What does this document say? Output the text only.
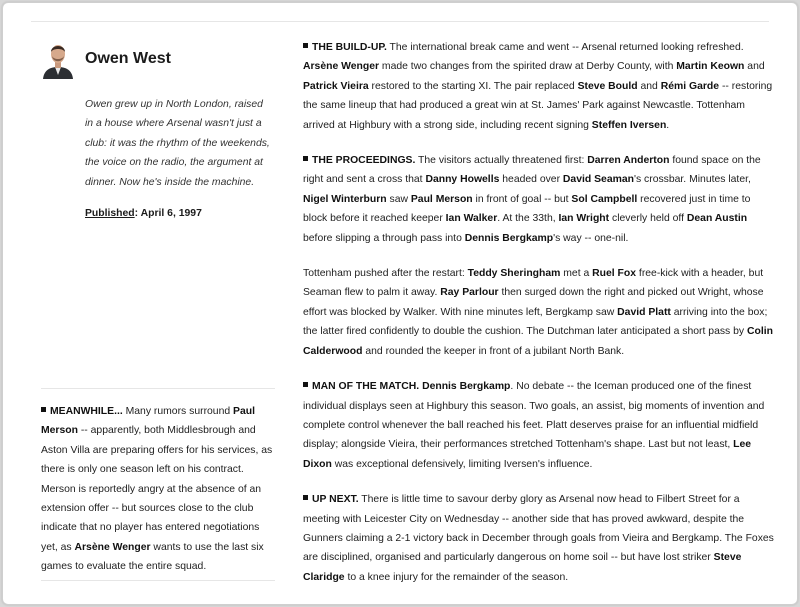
Owen West

Owen grew up in North London, raised in a house where Arsenal wasn't just a club: it was the rhythm of the weekends, the voice on the radio, the argument at dinner. Now he's inside the machine.

Published: April 6, 1997

MEANWHILE... Many rumors surround Paul Merson -- apparently, both Middlesbrough and Aston Villa are preparing offers for his services, as there is only one season left on his contract. Merson is reportedly angry at the absence of an extension offer -- but sources close to the club indicate that no player has entered negotiations yet, as Arsène Wenger wants to use the last six games to evaluate the entire squad.

THE BUILD-UP. The international break came and went -- Arsenal returned looking refreshed. Arsène Wenger made two changes from the spirited draw at Derby County, with Martin Keown and Patrick Vieira restored to the starting XI. The pair replaced Steve Bould and Rémi Garde -- restoring the same lineup that had produced a great win at St. James' Park against Newcastle. Tottenham arrived at Highbury with a strong side, including recent signing Steffen Iversen.

THE PROCEEDINGS. The visitors actually threatened first: Darren Anderton found space on the right and sent a cross that Danny Howells headed over David Seaman's crossbar. Minutes later, Nigel Winterburn saw Paul Merson in front of goal -- but Sol Campbell recovered just in time to block before it reached keeper Ian Walker. At the 33th, Ian Wright cleverly held off Dean Austin before slipping a through pass into Dennis Bergkamp's way -- one-nil.

Tottenham pushed after the restart: Teddy Sheringham met a Ruel Fox free-kick with a header, but Seaman flew to palm it away. Ray Parlour then surged down the right and picked out Wright, whose effort was blocked by Walker. With nine minutes left, Bergkamp saw David Platt arriving into the box; the latter fired confidently to double the cushion. The Dutchman later anticipated a short pass by Colin Calderwood and rounded the keeper in front of a jubilant North Bank.

MAN OF THE MATCH. Dennis Bergkamp. No debate -- the Iceman produced one of the finest individual displays seen at Highbury this season. Two goals, an assist, big moments of invention and complete control whenever the ball reached his feet. Platt deserves praise for an influential midfield display; alongside Vieira, their performances stretched Tottenham's shape. Last but not least, Lee Dixon was exceptional defensively, limiting Iversen's influence.

UP NEXT. There is little time to savour derby glory as Arsenal now head to Filbert Street for a meeting with Leicester City on Wednesday -- another side that has proved awkward, despite the Gunners claiming a 2-1 victory back in December through goals from Vieira and Bergkamp. The Foxes are disciplined, organised and particularly dangerous on home soil -- but have lost striker Steve Claridge to a knee injury for the remainder of the season.
